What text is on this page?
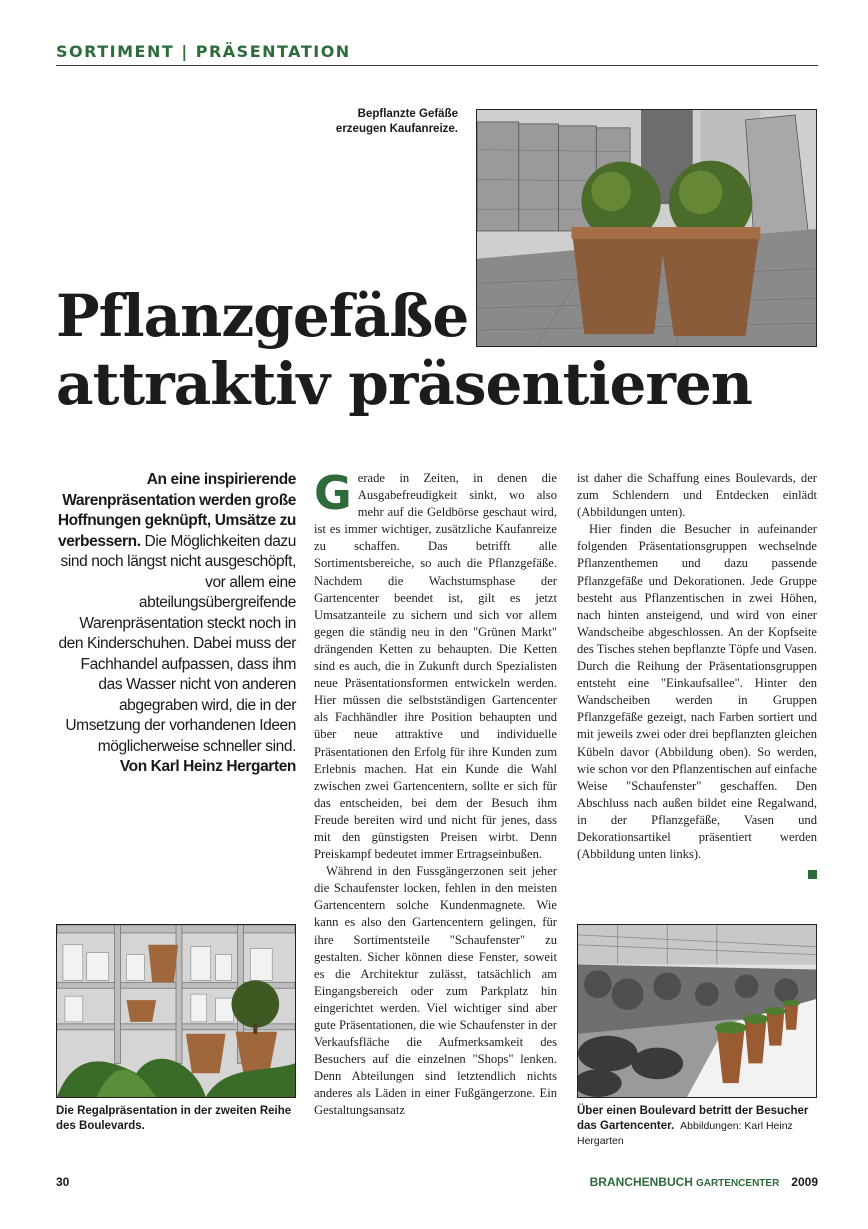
SORTIMENT | PRÄSENTATION
Bepflanzte Gefäße
erzeugen Kaufanreize.
Pflanzgefäße
attraktiv präsentieren
An eine inspirierende Warenpräsentation werden große Hoffnungen geknüpft, Umsätze zu verbessern. Die Möglichkeiten dazu sind noch längst nicht ausgeschöpft, vor allem eine abteilungsübergreifende Warenpräsentation steckt noch in den Kinderschuhen. Dabei muss der Fachhandel aufpassen, dass ihm das Wasser nicht von anderen abgegraben wird, die in der Umsetzung der vorhandenen Ideen möglicherweise schneller sind.
Von Karl Heinz Hergarten

Gerade in Zeiten, in denen die Ausgabefreudigkeit sinkt, wo also mehr auf die Geldbörse geschaut wird, ist es immer wichtiger, zusätzliche Kaufanreize zu schaffen. Das betrifft alle Sortimentsbereiche, so auch die Pflanzgefäße. Nachdem die Wachstumsphase der Gartencenter beendet ist, gilt es jetzt Umsatzanteile zu sichern und sich vor allem gegen die ständig neu in den "Grünen Markt" drängenden Ketten zu behaupten. Die Ketten sind es auch, die in Zukunft durch Spezialisten neue Präsentationsformen entwickeln werden. Hier müssen die selbstständigen Gartencenter als Fachhändler ihre Position behaupten und über neue attraktive und individuelle Präsentationen den Erfolg für ihre Kunden zum Erlebnis machen. Hat ein Kunde die Wahl zwischen zwei Gartencentern, sollte er sich für das entscheiden, bei dem der Besuch ihm Freude bereiten wird und nicht für jenes, dass mit den günstigsten Preisen wirbt. Denn Preiskampf bedeutet immer Ertragseinbußen.

Während in den Fussgängerzonen seit jeher die Schaufenster locken, fehlen in den meisten Gartencentern solche Kundenmagnete. Wie kann es also den Gartencentern gelingen, für ihre Sortimentsteile "Schaufenster" zu gestalten. Sicher können diese Fenster, soweit es die Architektur zulässt, tatsächlich am Eingangsbereich oder zum Parkplatz hin eingerichtet werden. Viel wichtiger sind aber gute Präsentationen, die wie Schaufenster in der Verkaufsfläche die Aufmerksamkeit des Besuchers auf die einzelnen "Shops" lenken. Denn Abteilungen sind letztendlich nichts anderes als Läden in einer Fußgängerzone. Ein Gestaltungsansatz

ist daher die Schaffung eines Boulevards, der zum Schlendern und Entdecken einlädt (Abbildungen unten).

Hier finden die Besucher in aufeinander folgenden Präsentationsgruppen wechselnde Pflanzenthemen und dazu passende Pflanzgefäße und Dekorationen. Jede Gruppe besteht aus Pflanzentischen in zwei Höhen, nach hinten ansteigend, und wird von einer Wandscheibe abgeschlossen. An der Kopfseite des Tisches stehen bepflanzte Töpfe und Vasen. Durch die Reihung der Präsentationsgruppen entsteht eine "Einkaufsallee". Hinter den Wandscheiben werden in Gruppen Pflanzgefäße gezeigt, nach Farben sortiert und mit jeweils zwei oder drei bepflanzten gleichen Kübeln davor (Abbildung oben). So werden, wie schon vor den Pflanzentischen auf einfache Weise "Schaufenster" geschaffen. Den Abschluss nach außen bildet eine Regalwand, in der Pflanzgefäße, Vasen und Dekorationsartikel präsentiert werden (Abbildung unten links).

Die Regalpräsentation in der zweiten Reihe des Boulevards.
Über einen Boulevard betritt der Besucher das Gartencenter. Abbildungen: Karl Heinz Hergarten
30	BRANCHENBUCH GARTENCENTER 2009
